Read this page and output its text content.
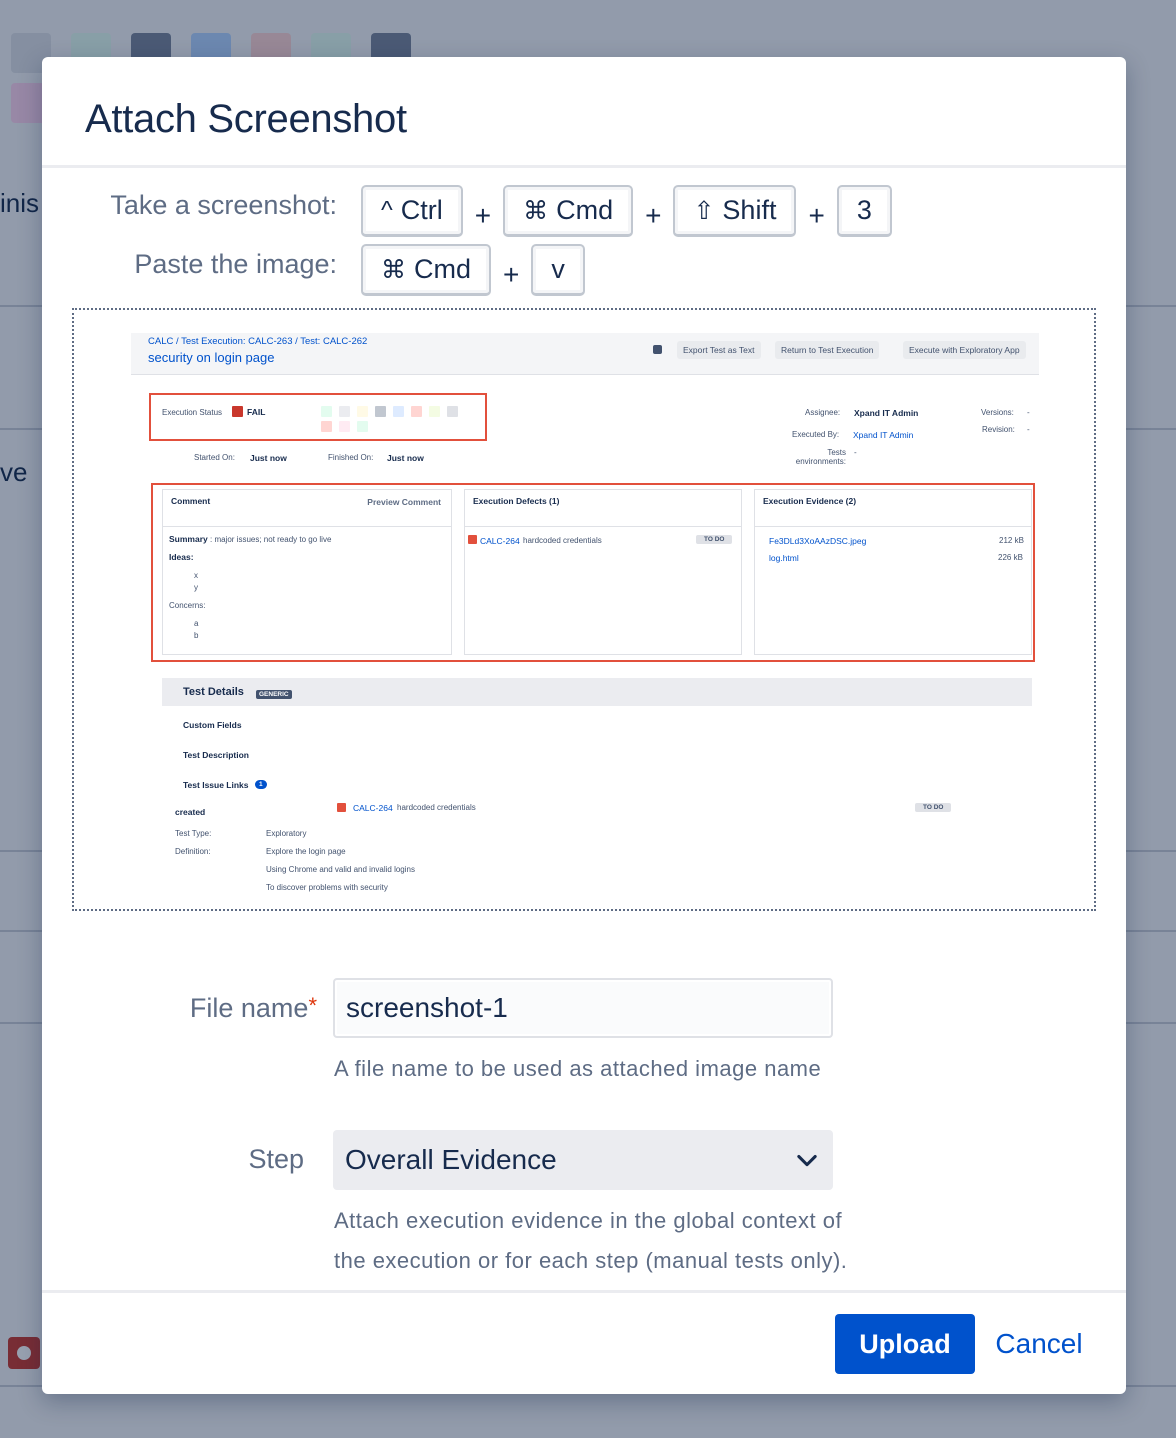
inis
ve
Attach Screenshot
Take a screenshot: ^ Ctrl + ⌘ Cmd + ⇧ Shift + 3
Paste the image: ⌘ Cmd + v
CALC / Test Execution: CALC-263 / Test: CALC-262
security on login page	Export Test as Text	Return to Test Execution	Execute with Exploratory App
Execution Status	FAIL
Started On: Just now	Finished On: Just now
Assignee: Xpand IT Admin
Executed By: Xpand IT Admin
Tests environments:
-
Versions: -
Revision: -
Comment	Preview Comment
Summary : major issues; not ready to go live
Ideas:
x
y
Concerns:
a
b
Execution Defects (1)
CALC-264 hardcoded credentials	TO DO
Execution Evidence (2)
Fe3DLd3XoAAzDSC.jpeg	212 kB
log.html	226 kB
Test Details	GENERIC
Custom Fields
Test Description
Test Issue Links	1
created	CALC-264 hardcoded credentials	TO DO
Test Type:	Exploratory
Definition:	Explore the login page
Using Chrome and valid and invalid logins
To discover problems with security
File name*
screenshot-1
A file name to be used as attached image name
Step Overall Evidence
Attach execution evidence in the global context of
the execution or for each step (manual tests only).
Upload	Cancel
